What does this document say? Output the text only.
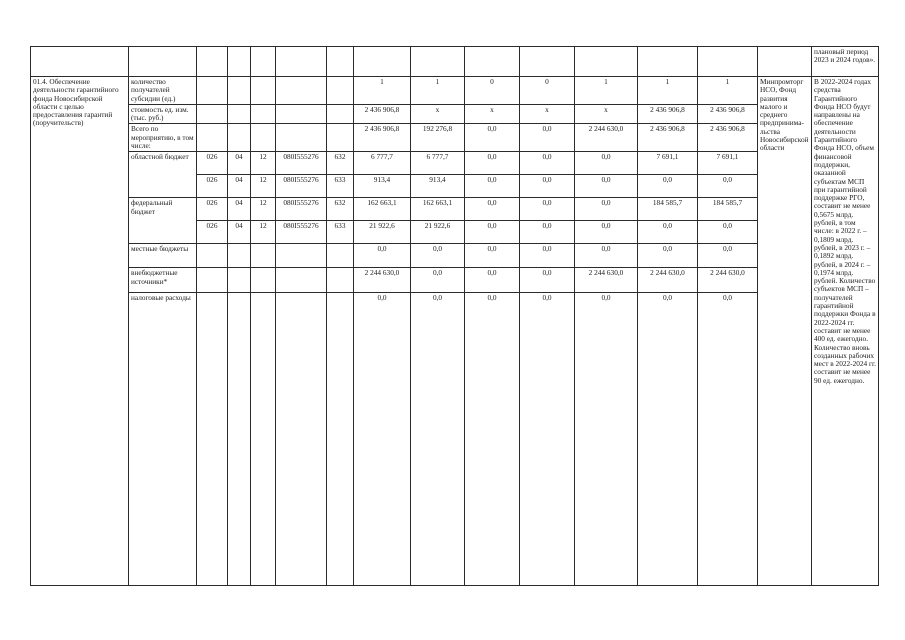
															плановый период 2023 и 2024 годов».
01.4. Обеспечение деятельности гарантийного фонда Новосибирской области с целью предоставления гарантий (поручительств)	количество получателей субсидии (ед.)						1	1	0	0	1	1	1	Минпромторг НСО, Фонд развития малого и среднего предпринима-льства Новосибирской области	В 2022-2024 годах средства Гарантийного Фонда НСО будут направлены на обеспечение деятельности Гарантийного Фонда НСО, объем финансовой поддержки, оказанной субъектам МСП при гарантийной поддержке РГО, составит не менее 0,5675 млрд. рублей, в том числе: в 2022 г. – 0,1809 млрд. рублей, в 2023 г. – 0,1892 млрд. рублей, в 2024 г. – 0,1974 млрд. рублей. Количество субъектов МСП – получателей гарантийной поддержки Фонда в 2022-2024 гг. составит не менее 400 ед. ежегодно. Количество вновь созданных рабочих мест в 2022-2024 гг. составит не менее 90 ед. ежегодно.
	стоимость ед. изм. (тыс. руб.)						2 436 906,8	х	х	х	х	2 436 906,8	2 436 906,8		
	Всего по мероприятию, в том числе:						2 436 906,8	192 276,8	0,0	0,0	2 244 630,0	2 436 906,8	2 436 906,8		
	областной бюджет	026	04	12	080I555276	632	6 777,7	6 777,7	0,0	0,0	0,0	7 691,1	7 691,1		
		026	04	12	080I555276	633	913,4	913,4	0,0	0,0	0,0	0,0	0,0		
	федеральный бюджет	026	04	12	080I555276	632	162 663,1	162 663,1	0,0	0,0	0,0	184 585,7	184 585,7		
		026	04	12	080I555276	633	21 922,6	21 922,6	0,0	0,0	0,0	0,0	0,0		
	местные бюджеты						0,0	0,0	0,0	0,0	0,0	0,0	0,0		
	внебюджетные источники*						2 244 630,0	0,0	0,0	0,0	2 244 630,0	2 244 630,0	2 244 630,0		
	налоговые расходы						0,0	0,0	0,0	0,0	0,0	0,0	0,0		
